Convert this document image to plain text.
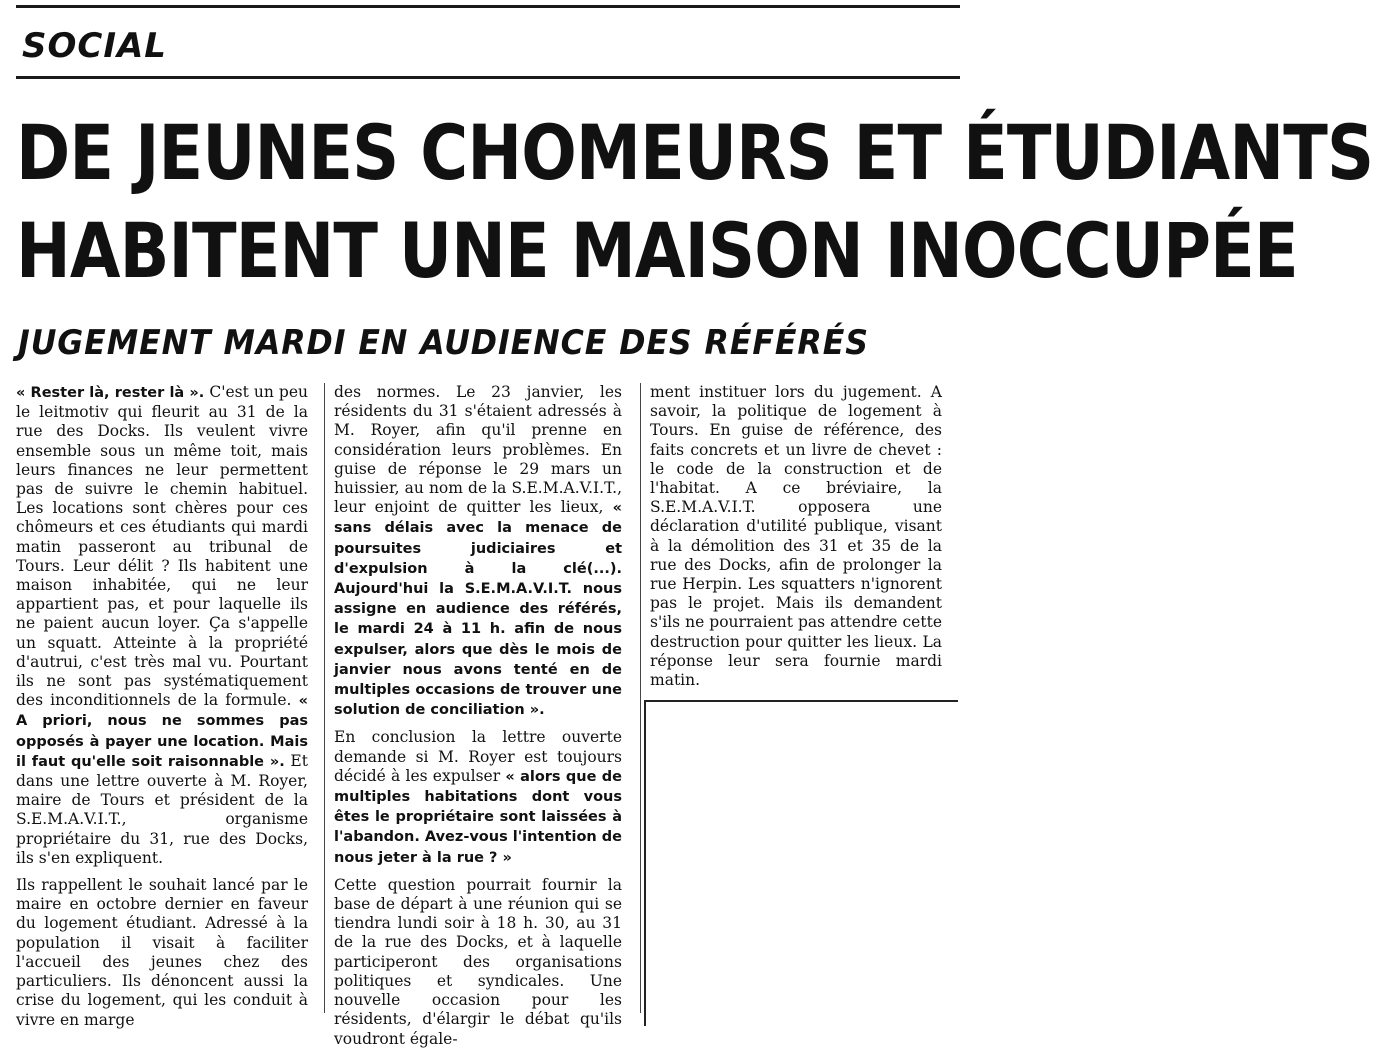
SOCIAL
DE JEUNES CHOMEURS ET ÉTUDIANTS
HABITENT UNE MAISON INOCCUPÉE
JUGEMENT MARDI EN AUDIENCE DES RÉFÉRÉS

« Rester là, rester là ». C'est un peu le leitmotiv qui fleurit au 31 de la rue des Docks. Ils veulent vivre ensemble sous un même toit, mais leurs finances ne leur permettent pas de suivre le chemin habituel. Les locations sont chères pour ces chômeurs et ces étudiants qui mardi matin passeront au tribunal de Tours. Leur délit ? Ils habitent une maison inhabitée, qui ne leur appartient pas, et pour laquelle ils ne paient aucun loyer. Ça s'appelle un squatt. Atteinte à la propriété d'autrui, c'est très mal vu. Pourtant ils ne sont pas systématiquement des inconditionnels de la formule. « A priori, nous ne sommes pas opposés à payer une location. Mais il faut qu'elle soit raisonnable ». Et dans une lettre ouverte à M. Royer, maire de Tours et président de la S.E.M.A.V.I.T., organisme propriétaire du 31, rue des Docks, ils s'en expliquent.

Ils rappellent le souhait lancé par le maire en octobre dernier en faveur du logement étudiant. Adressé à la population il visait à faciliter l'accueil des jeunes chez des particuliers. Ils dénoncent aussi la crise du logement, qui les conduit à vivre en marge

des normes. Le 23 janvier, les résidents du 31 s'étaient adressés à M. Royer, afin qu'il prenne en considération leurs problèmes. En guise de réponse le 29 mars un huissier, au nom de la S.E.M.A.V.I.T., leur enjoint de quitter les lieux, « sans délais avec la menace de poursuites judiciaires et d'expulsion à la clé(...). Aujourd'hui la S.E.M.A.V.I.T. nous assigne en audience des référés, le mardi 24 à 11 h. afin de nous expulser, alors que dès le mois de janvier nous avons tenté en de multiples occasions de trouver une solution de conciliation ».

En conclusion la lettre ouverte demande si M. Royer est toujours décidé à les expulser « alors que de multiples habitations dont vous êtes le propriétaire sont laissées à l'abandon. Avez-vous l'intention de nous jeter à la rue ? »

Cette question pourrait fournir la base de départ à une réunion qui se tiendra lundi soir à 18 h. 30, au 31 de la rue des Docks, et à laquelle participeront des organisations politiques et syndicales. Une nouvelle occasion pour les résidents, d'élargir le débat qu'ils voudront égale-

ment instituer lors du jugement. A savoir, la politique de logement à Tours. En guise de référence, des faits concrets et un livre de chevet : le code de la construction et de l'habitat. A ce bréviaire, la S.E.M.A.V.I.T. opposera une déclaration d'utilité publique, visant à la démolition des 31 et 35 de la rue des Docks, afin de prolonger la rue Herpin. Les squatters n'ignorent pas le projet. Mais ils demandent s'ils ne pourraient pas attendre cette destruction pour quitter les lieux. La réponse leur sera fournie mardi matin.
